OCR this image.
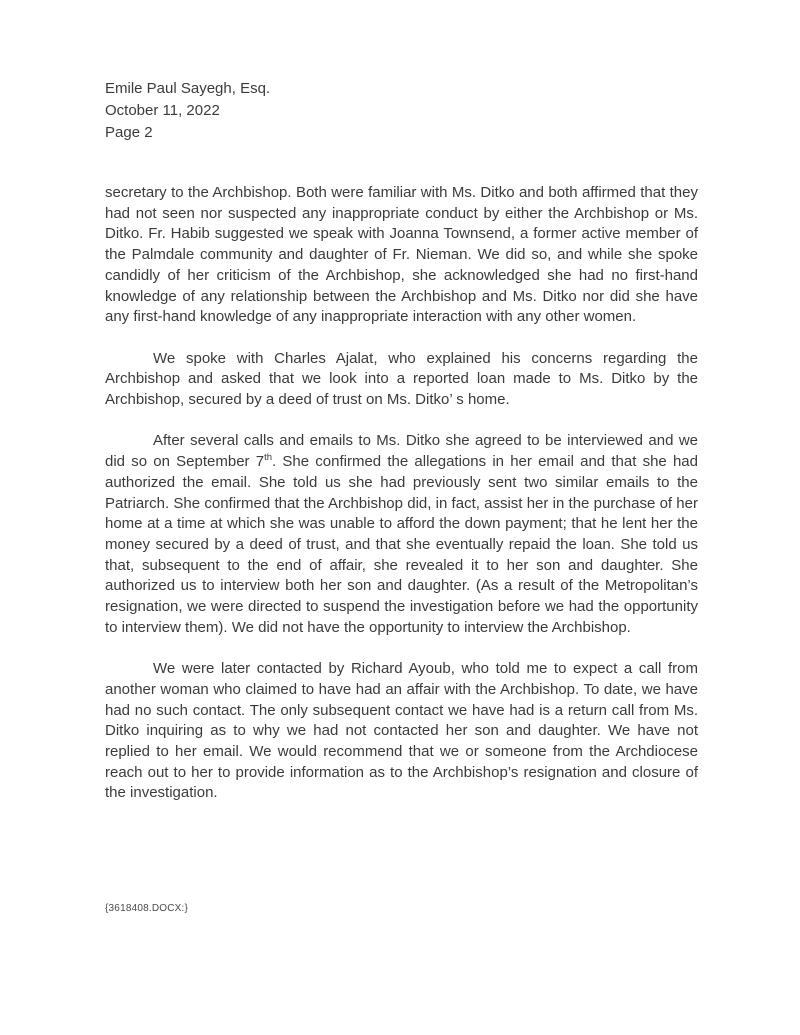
Emile Paul Sayegh, Esq.
October 11, 2022
Page 2

secretary to the Archbishop. Both were familiar with Ms. Ditko and both affirmed that they had not seen nor suspected any inappropriate conduct by either the Archbishop or Ms. Ditko. Fr. Habib suggested we speak with Joanna Townsend, a former active member of the Palmdale community and daughter of Fr. Nieman. We did so, and while she spoke candidly of her criticism of the Archbishop, she acknowledged she had no first-hand knowledge of any relationship between the Archbishop and Ms. Ditko nor did she have any first-hand knowledge of any inappropriate interaction with any other women.

We spoke with Charles Ajalat, who explained his concerns regarding the Archbishop and asked that we look into a reported loan made to Ms. Ditko by the Archbishop, secured by a deed of trust on Ms. Ditko’ s home.

After several calls and emails to Ms. Ditko she agreed to be interviewed and we did so on September 7th. She confirmed the allegations in her email and that she had authorized the email. She told us she had previously sent two similar emails to the Patriarch. She confirmed that the Archbishop did, in fact, assist her in the purchase of her home at a time at which she was unable to afford the down payment; that he lent her the money secured by a deed of trust, and that she eventually repaid the loan. She told us that, subsequent to the end of affair, she revealed it to her son and daughter. She authorized us to interview both her son and daughter. (As a result of the Metropolitan’s resignation, we were directed to suspend the investigation before we had the opportunity to interview them). We did not have the opportunity to interview the Archbishop.

We were later contacted by Richard Ayoub, who told me to expect a call from another woman who claimed to have had an affair with the Archbishop. To date, we have had no such contact. The only subsequent contact we have had is a return call from Ms. Ditko inquiring as to why we had not contacted her son and daughter. We have not replied to her email. We would recommend that we or someone from the Archdiocese reach out to her to provide information as to the Archbishop’s resignation and closure of the investigation.

{3618408.DOCX:}
